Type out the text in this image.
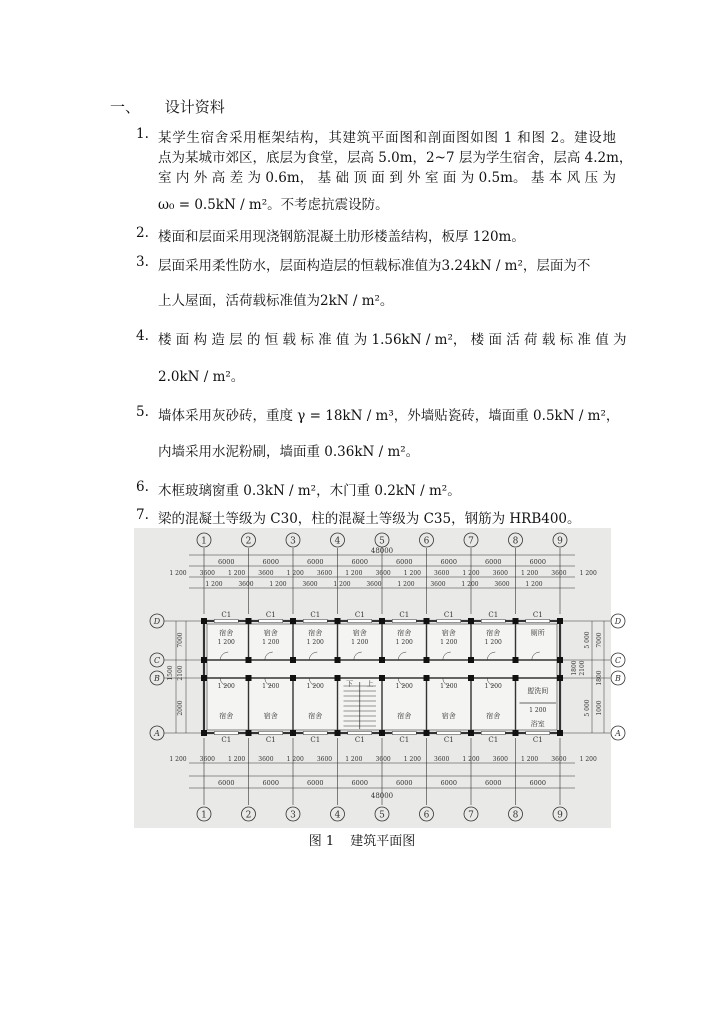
一、 设计资料
1. 某学生宿舍采用框架结构，其建筑平面图和剖面图如图 1 和图 2。建设地
点为某城市郊区，底层为食堂，层高 5.0m，2~7 层为学生宿舍，层高 4.2m，
室 内 外 高 差 为 0.6m， 基 础 顶 面 到 外 室 面 为 0.5m。 基 本 风 压 为
ω₀ = 0.5kN / m²。不考虑抗震设防。
2. 楼面和层面采用现浇钢筋混凝土肋形楼盖结构，板厚 120m。
3. 层面采用柔性防水，层面构造层的恒载标准值为3.24kN / m²，层面为不
上人屋面，活荷载标准值为2kN / m²。
4. 楼 面 构 造 层 的 恒 载 标 准 值 为 1.56kN / m²， 楼 面 活 荷 载 标 准 值 为
2.0kN / m²。
5. 墙体采用灰砂砖，重度 γ = 18kN / m³，外墙贴瓷砖，墙面重 0.5kN / m²，
内墙采用水泥粉刷，墙面重 0.36kN / m²。
6. 木框玻璃窗重 0.3kN / m²，木门重 0.2kN / m²。
7. 梁的混凝土等级为 C30，柱的混凝土等级为 C35，钢筋为 HRB400。
1
1
2
2
3
3
4
4
5
5
6
6
7
7
8
8
9
9
48000
6000	6000	6000	6000	6000	6000	6000	6000
1 200 3600 1 200 3600 1 200 3600 1 200 3600 1 200 3600 1 200 3600 1 200 3600 1 200
1 200	3600	1 200	3600	1 200	3600	1 200	3600	1 200	3600	1 200
1 200 3600 1 200 3600 1 200 3600 1 200 3600 1 200 3600 1 200 3600 1 200 3600 1 200
6000	6000	6000	6000	6000	6000	6000	6000
48000
D	D
C	C
B	B
A	A
1500 2100
7000
2000
5 000 7000
1800 2100
1800
5 000 1000
C1
C1
C1
C1
C1
C1
C1
C1
C1
C1
C1
C1
C1
C1
C1
C1
宿舍
1 200
宿舍
1 200
宿舍
1 200
宿舍
1 200
宿舍
1 200
宿舍
1 200
宿舍
1 200
厕所
1 200
宿舍
1 200
宿舍
1 200
宿舍
1 200
宿舍
1 200
宿舍
1 200
宿舍
盥洗间
浴室
1 200
下 上
图 1 建筑平面图
